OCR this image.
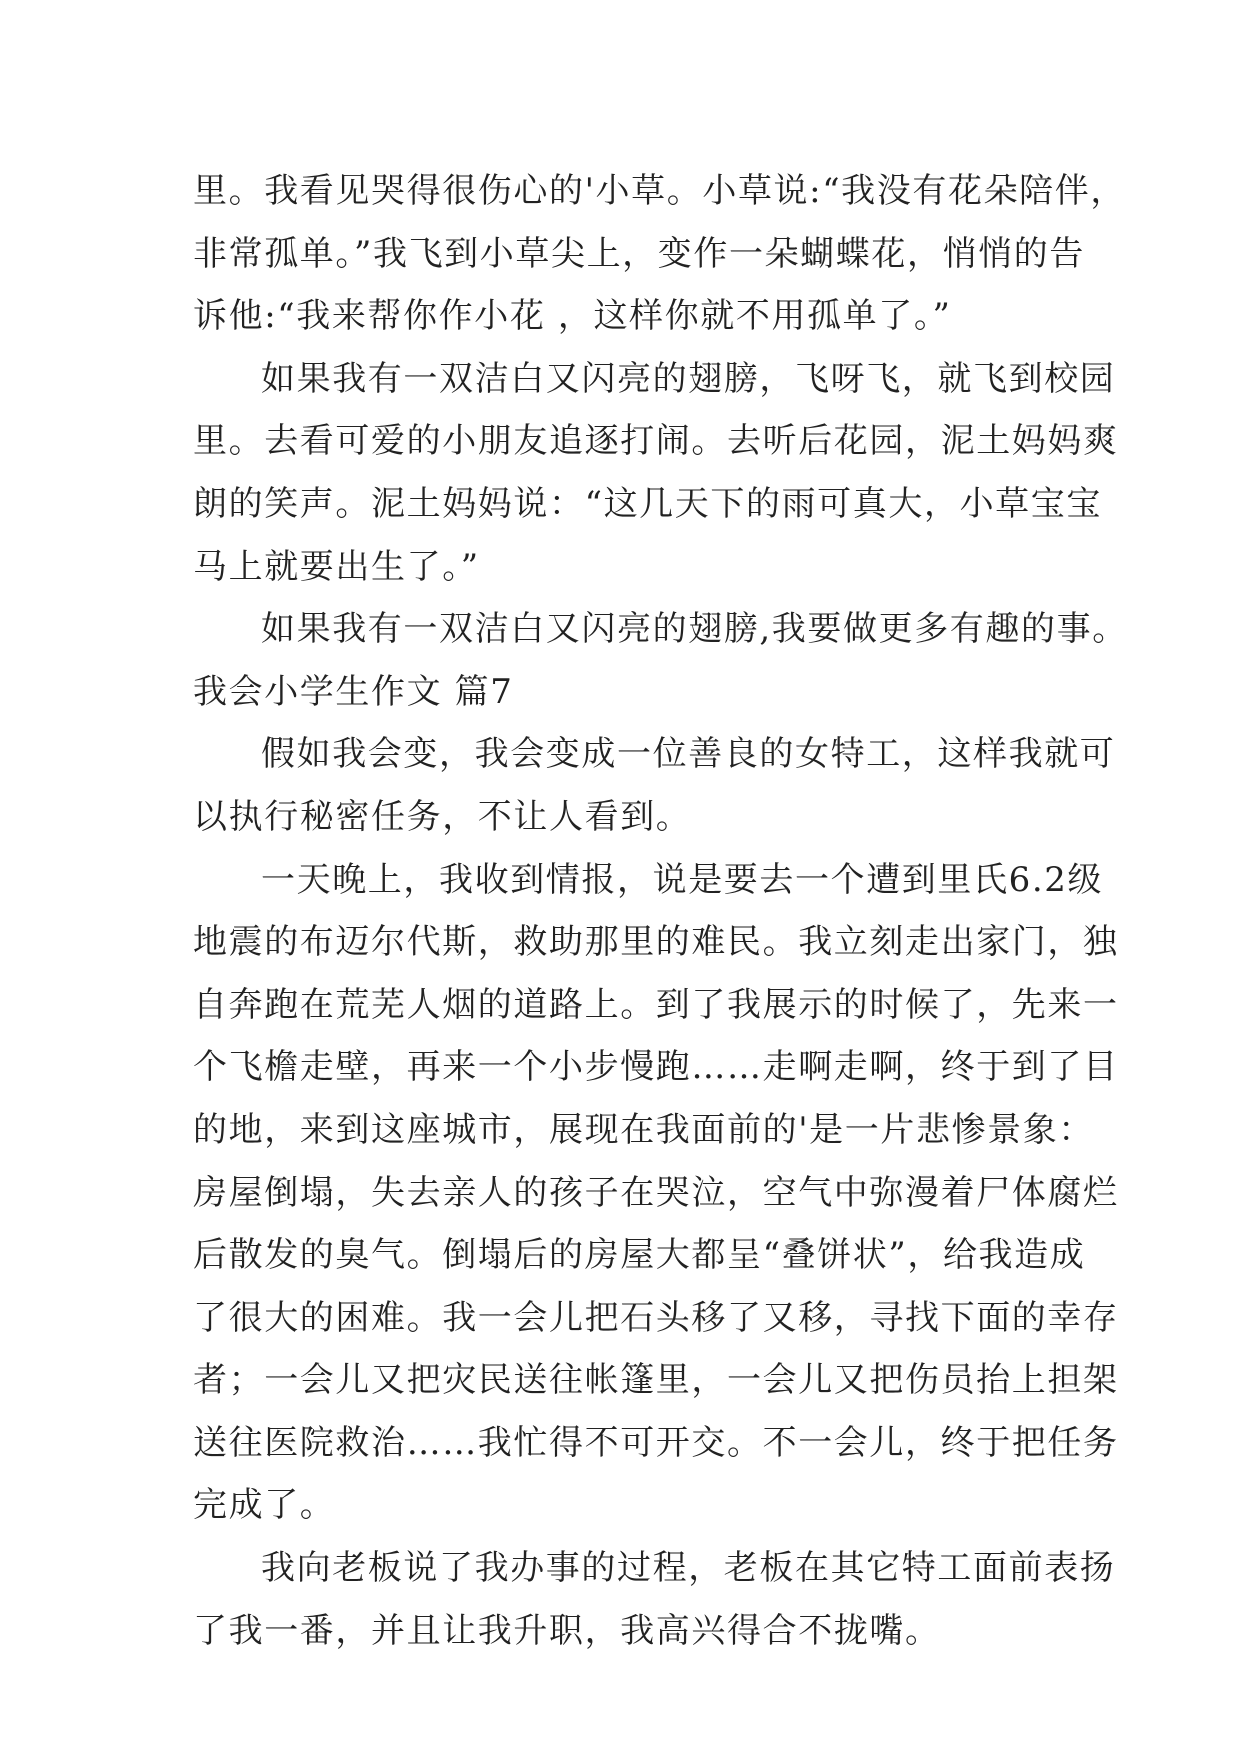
里。我看见哭得很伤心的'小草。小草说:“我没有花朵陪伴，
非常孤单。”我飞到小草尖上，变作一朵蝴蝶花，悄悄的告
诉他:“我来帮你作小花 ，这样你就不用孤单了。”

如果我有一双洁白又闪亮的翅膀，飞呀飞，就飞到校园
里。去看可爱的小朋友追逐打闹。去听后花园，泥土妈妈爽
朗的笑声。泥土妈妈说：“这几天下的雨可真大，小草宝宝
马上就要出生了。”

如果我有一双洁白又闪亮的翅膀,我要做更多有趣的事。

我会小学生作文 篇7

假如我会变，我会变成一位善良的女特工，这样我就可
以执行秘密任务，不让人看到。

一天晚上，我收到情报，说是要去一个遭到里氏6.2级
地震的布迈尔代斯，救助那里的难民。我立刻走出家门，独
自奔跑在荒芜人烟的道路上。到了我展示的时候了，先来一
个飞檐走壁，再来一个小步慢跑……走啊走啊，终于到了目
的地，来到这座城市，展现在我面前的'是一片悲惨景象：
房屋倒塌，失去亲人的孩子在哭泣，空气中弥漫着尸体腐烂
后散发的臭气。倒塌后的房屋大都呈“叠饼状”，给我造成
了很大的困难。我一会儿把石头移了又移，寻找下面的幸存
者；一会儿又把灾民送往帐篷里，一会儿又把伤员抬上担架
送往医院救治……我忙得不可开交。不一会儿，终于把任务
完成了。

我向老板说了我办事的过程，老板在其它特工面前表扬
了我一番，并且让我升职，我高兴得合不拢嘴。
